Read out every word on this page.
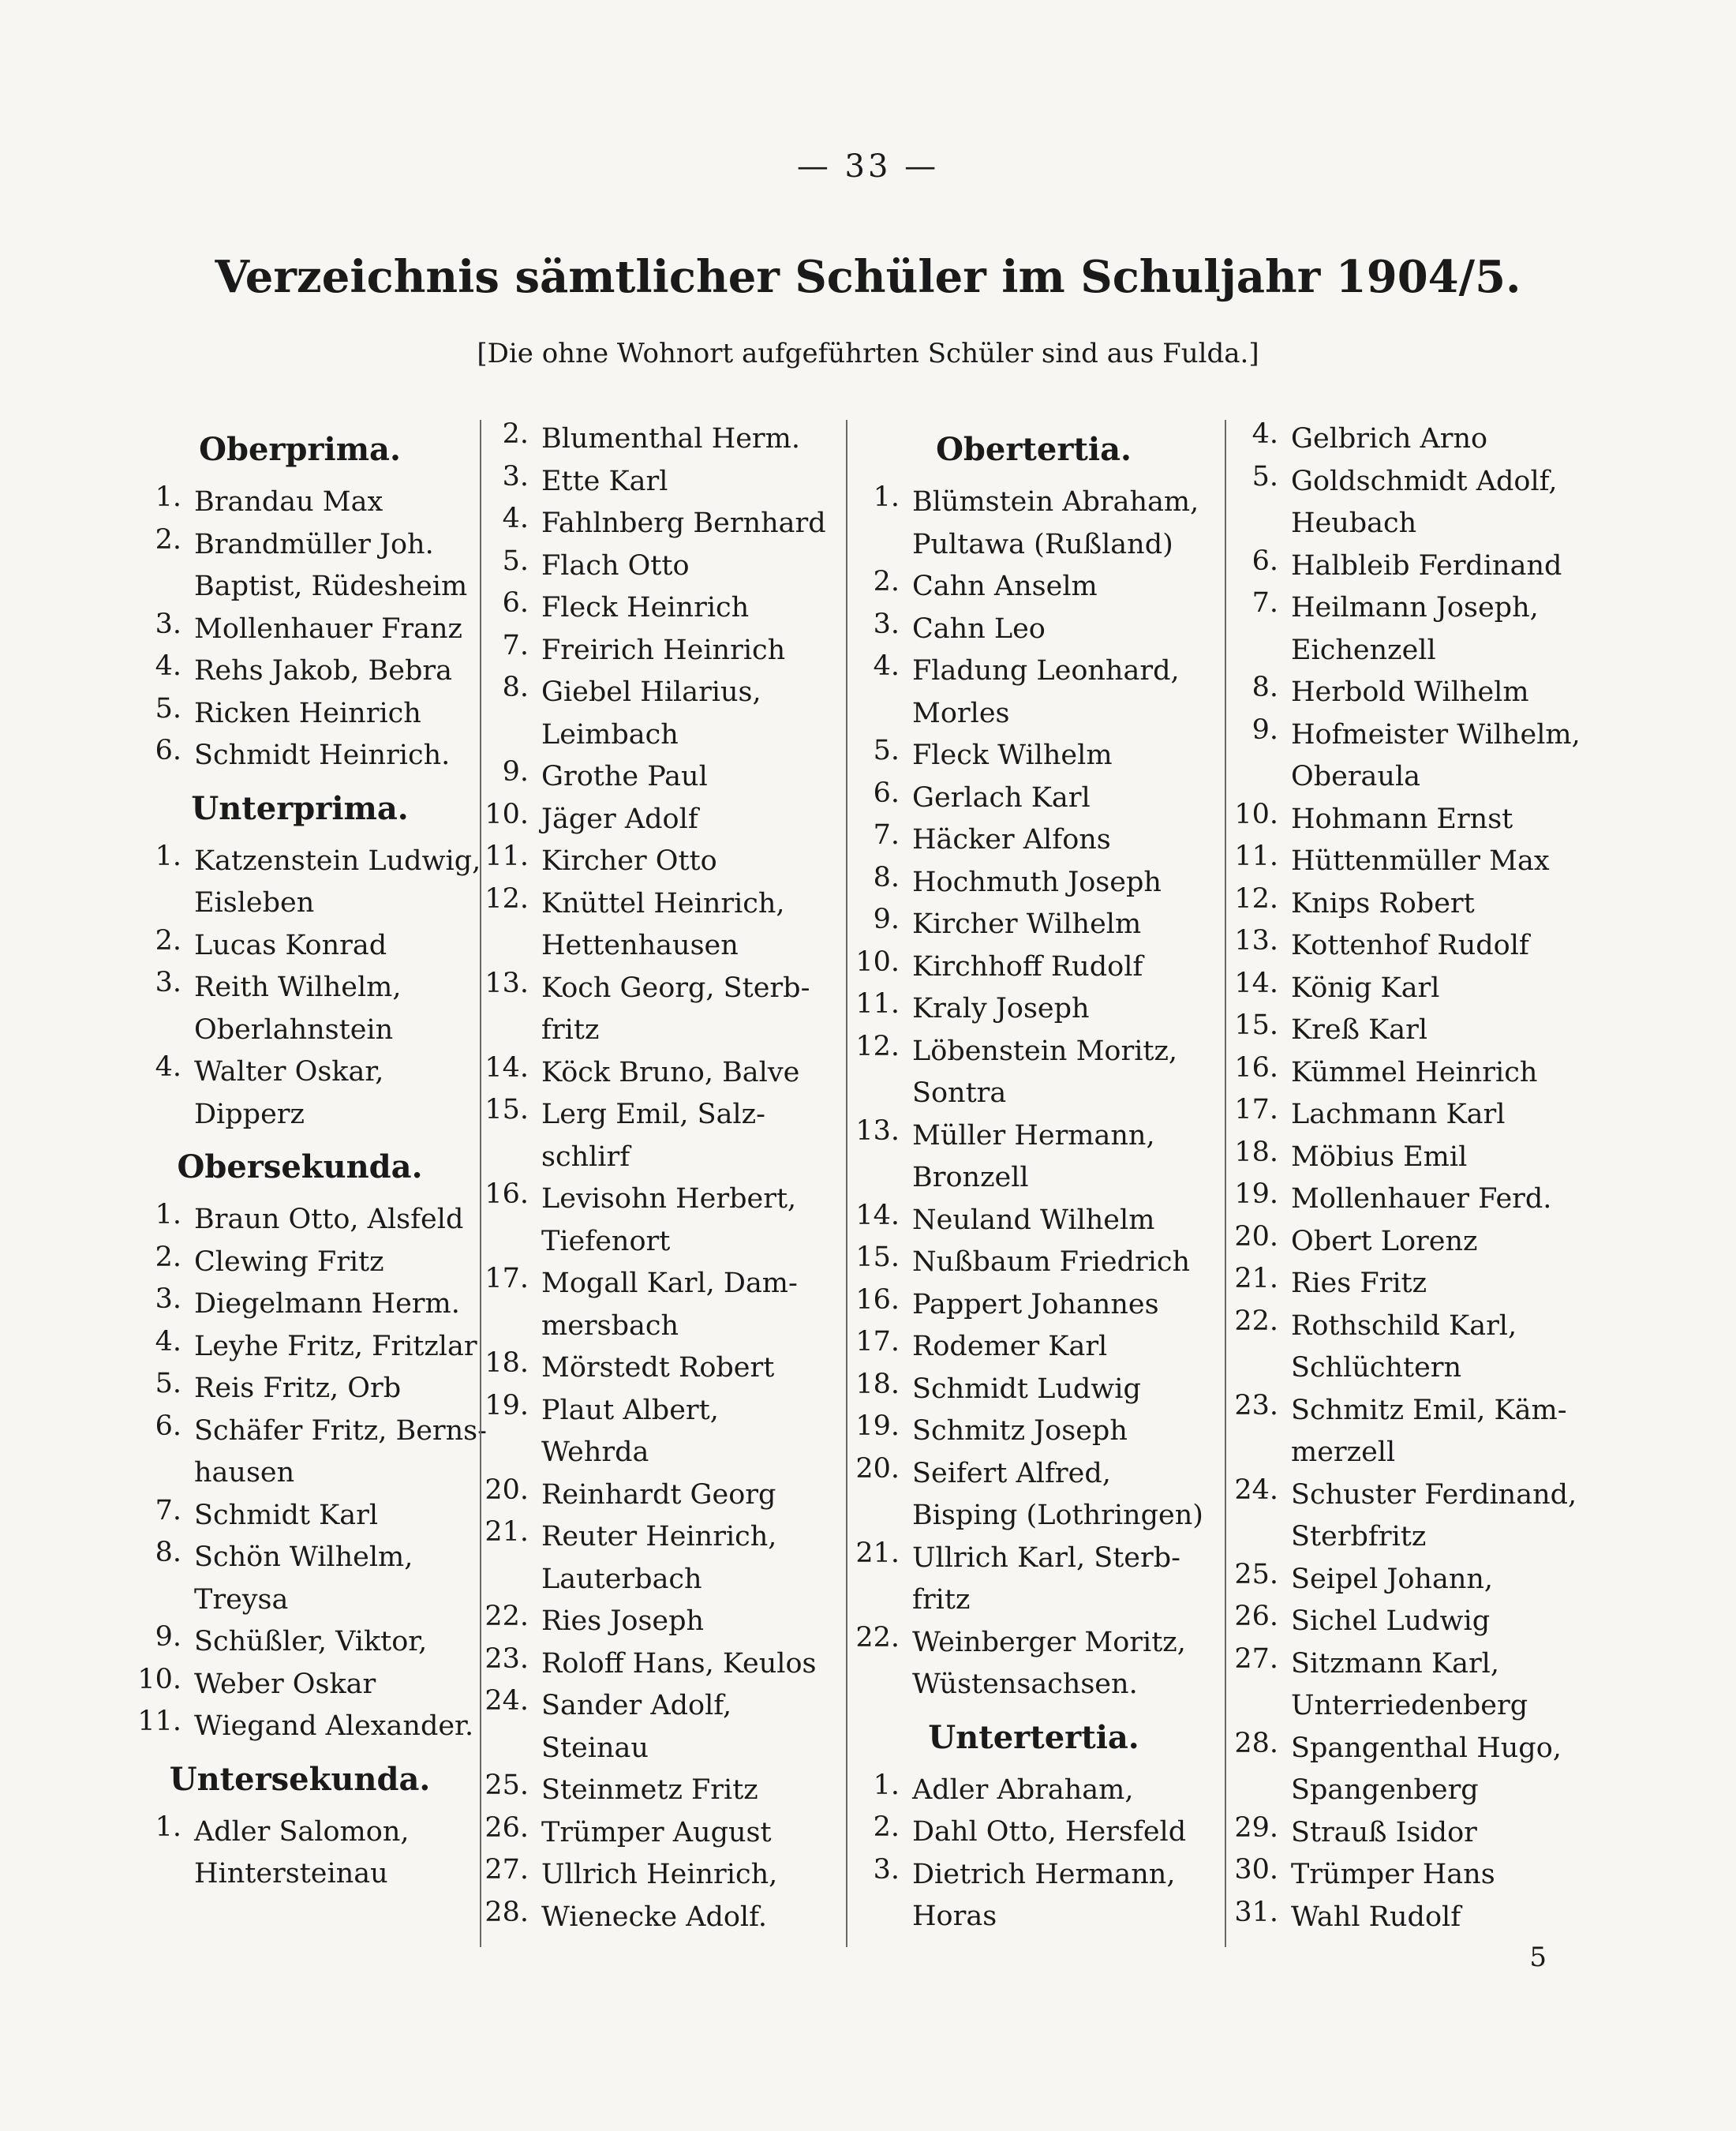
— 33 —
Verzeichnis sämtlicher Schüler im Schuljahr 1904/5.
[Die ohne Wohnort aufgeführten Schüler sind aus Fulda.]
Oberprima.
1. Brandau Max
2. Brandmüller Joh.
Baptist, Rüdesheim
3. Mollenhauer Franz
4. Rehs Jakob, Bebra
5. Ricken Heinrich
6. Schmidt Heinrich.
Unterprima.
1. Katzenstein Ludwig,
Eisleben
2. Lucas Konrad
3. Reith Wilhelm,
Oberlahnstein
4. Walter Oskar,
Dipperz
Obersekunda.
1. Braun Otto, Alsfeld
2. Clewing Fritz
3. Diegelmann Herm.
4. Leyhe Fritz, Fritzlar
5. Reis Fritz, Orb
6. Schäfer Fritz, Berns-
hausen
7. Schmidt Karl
8. Schön Wilhelm,
Treysa
9. Schüßler, Viktor,
10. Weber Oskar
11. Wiegand Alexander.
Untersekunda.
1. Adler Salomon,
Hintersteinau
2. Blumenthal Herm.
3. Ette Karl
4. Fahlnberg Bernhard
5. Flach Otto
6. Fleck Heinrich
7. Freirich Heinrich
8. Giebel Hilarius,
Leimbach
9. Grothe Paul
10. Jäger Adolf
11. Kircher Otto
12. Knüttel Heinrich,
Hettenhausen
13. Koch Georg, Sterb-
fritz
14. Köck Bruno, Balve
15. Lerg Emil, Salz-
schlirf
16. Levisohn Herbert,
Tiefenort
17. Mogall Karl, Dam-
mersbach
18. Mörstedt Robert
19. Plaut Albert,
Wehrda
20. Reinhardt Georg
21. Reuter Heinrich,
Lauterbach
22. Ries Joseph
23. Roloff Hans, Keulos
24. Sander Adolf,
Steinau
25. Steinmetz Fritz
26. Trümper August
27. Ullrich Heinrich,
28. Wienecke Adolf.
Obertertia.
1. Blümstein Abraham,
Pultawa (Rußland)
2. Cahn Anselm
3. Cahn Leo
4. Fladung Leonhard,
Morles
5. Fleck Wilhelm
6. Gerlach Karl
7. Häcker Alfons
8. Hochmuth Joseph
9. Kircher Wilhelm
10. Kirchhoff Rudolf
11. Kraly Joseph
12. Löbenstein Moritz,
Sontra
13. Müller Hermann,
Bronzell
14. Neuland Wilhelm
15. Nußbaum Friedrich
16. Pappert Johannes
17. Rodemer Karl
18. Schmidt Ludwig
19. Schmitz Joseph
20. Seifert Alfred,
Bisping (Lothringen)
21. Ullrich Karl, Sterb-
fritz
22. Weinberger Moritz,
Wüstensachsen.
Untertertia.
1. Adler Abraham,
2. Dahl Otto, Hersfeld
3. Dietrich Hermann,
Horas
4. Gelbrich Arno
5. Goldschmidt Adolf,
Heubach
6. Halbleib Ferdinand
7. Heilmann Joseph,
Eichenzell
8. Herbold Wilhelm
9. Hofmeister Wilhelm,
Oberaula
10. Hohmann Ernst
11. Hüttenmüller Max
12. Knips Robert
13. Kottenhof Rudolf
14. König Karl
15. Kreß Karl
16. Kümmel Heinrich
17. Lachmann Karl
18. Möbius Emil
19. Mollenhauer Ferd.
20. Obert Lorenz
21. Ries Fritz
22. Rothschild Karl,
Schlüchtern
23. Schmitz Emil, Käm-
merzell
24. Schuster Ferdinand,
Sterbfritz
25. Seipel Johann,
26. Sichel Ludwig
27. Sitzmann Karl,
Unterriedenberg
28. Spangenthal Hugo,
Spangenberg
29. Strauß Isidor
30. Trümper Hans
31. Wahl Rudolf
5
